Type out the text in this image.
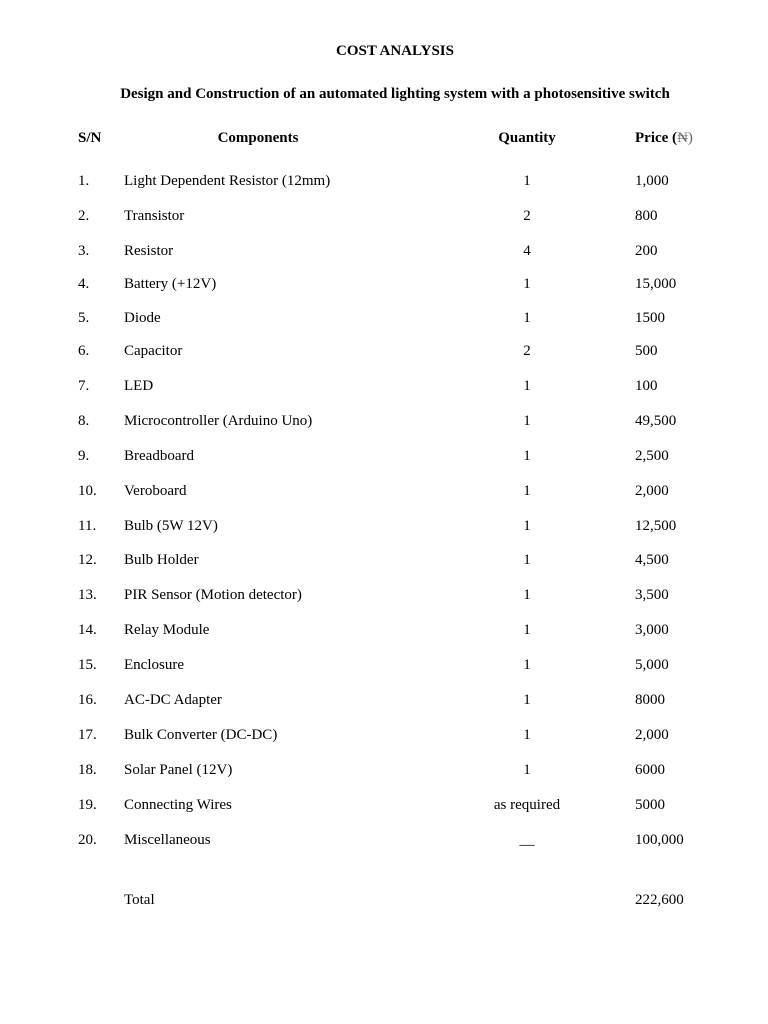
COST ANALYSIS
Design and Construction of an automated lighting system with a photosensitive switch
S/N	Components	Quantity	Price (₦)
1. Light Dependent Resistor (12mm)	1	1,000
2. Transistor	2	800
3. Resistor	4	200
4. Battery (+12V)	1	15,000
5. Diode	1	1500
6. Capacitor	2	500
7. LED	1	100
8. Microcontroller (Arduino Uno)	1	49,500
9. Breadboard	1	2,500
10. Veroboard	1	2,000
11. Bulb (5W 12V)	1	12,500
12. Bulb Holder	1	4,500
13. PIR Sensor (Motion detector)	1	3,500
14. Relay Module	1	3,000
15. Enclosure	1	5,000
16. AC-DC Adapter	1	8000
17. Bulk Converter (DC-DC)	1	2,000
18. Solar Panel (12V)	1	6000
19. Connecting Wires	as required	5000
20. Miscellaneous	__	100,000
Total	222,600
